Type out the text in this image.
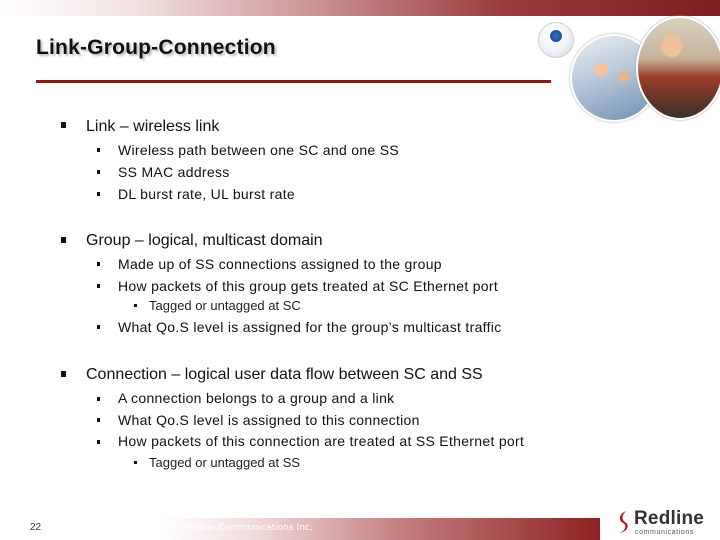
Link-Group-Connection
Link – wireless link
Wireless path between one SC and one SS
SS MAC address
DL burst rate, UL burst rate
Group – logical, multicast domain
Made up of SS connections assigned to the group
How packets of this group gets treated at SC Ethernet port
Tagged or untagged at SC
What Qo.S level is assigned for the group’s multicast traffic
Connection – logical user data flow between SC and SS
A connection belongs to a group and a link
What Qo.S level is assigned to this connection
How packets of this connection are treated at SS Ethernet port
Tagged or untagged at SS
22	© Redline Communications Inc.	Redline
communications
